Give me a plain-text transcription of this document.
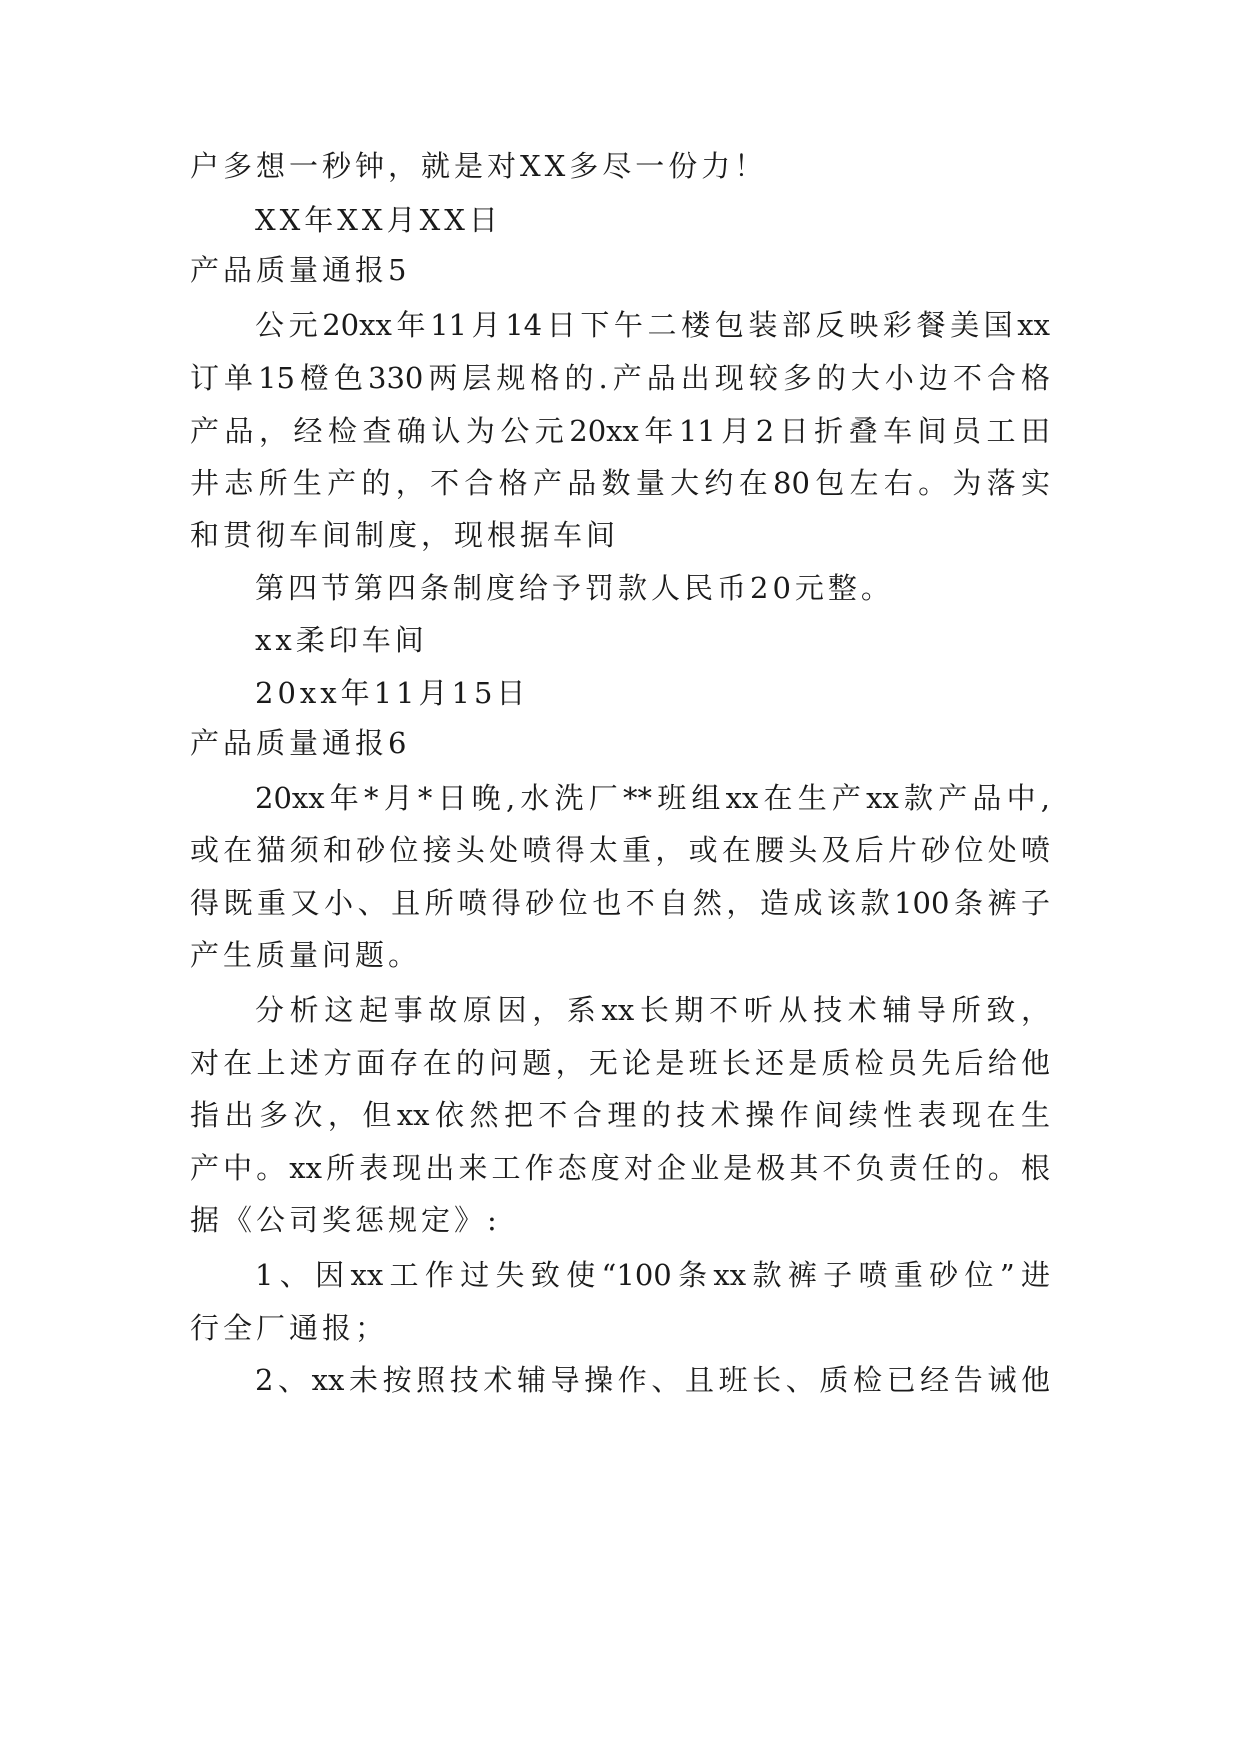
户多想一秒钟，就是对XX多尽一份力！
XX年XX月XX日
产品质量通报5
公元20xx年11月14日下午二楼包装部反映彩餐美国xx
订单15橙色330两层规格的.产品出现较多的大小边不合格
产品，经检查确认为公元20xx年11月2日折叠车间员工田
井志所生产的，不合格产品数量大约在80包左右。为落实
和贯彻车间制度，现根据车间
第四节第四条制度给予罚款人民币20元整。
xx柔印车间
20xx年11月15日
产品质量通报6
20xx年*月*日晚,水洗厂**班组xx在生产xx款产品中,
或在猫须和砂位接头处喷得太重，或在腰头及后片砂位处喷
得既重又小、且所喷得砂位也不自然，造成该款100条裤子
产生质量问题。
分析这起事故原因，系xx长期不听从技术辅导所致，
对在上述方面存在的问题，无论是班长还是质检员先后给他
指出多次，但xx依然把不合理的技术操作间续性表现在生
产中。xx所表现出来工作态度对企业是极其不负责任的。根
据《公司奖惩规定》:
1、因xx工作过失致使“100条xx款裤子喷重砂位”进
行全厂通报；
2、xx未按照技术辅导操作、且班长、质检已经告诫他
